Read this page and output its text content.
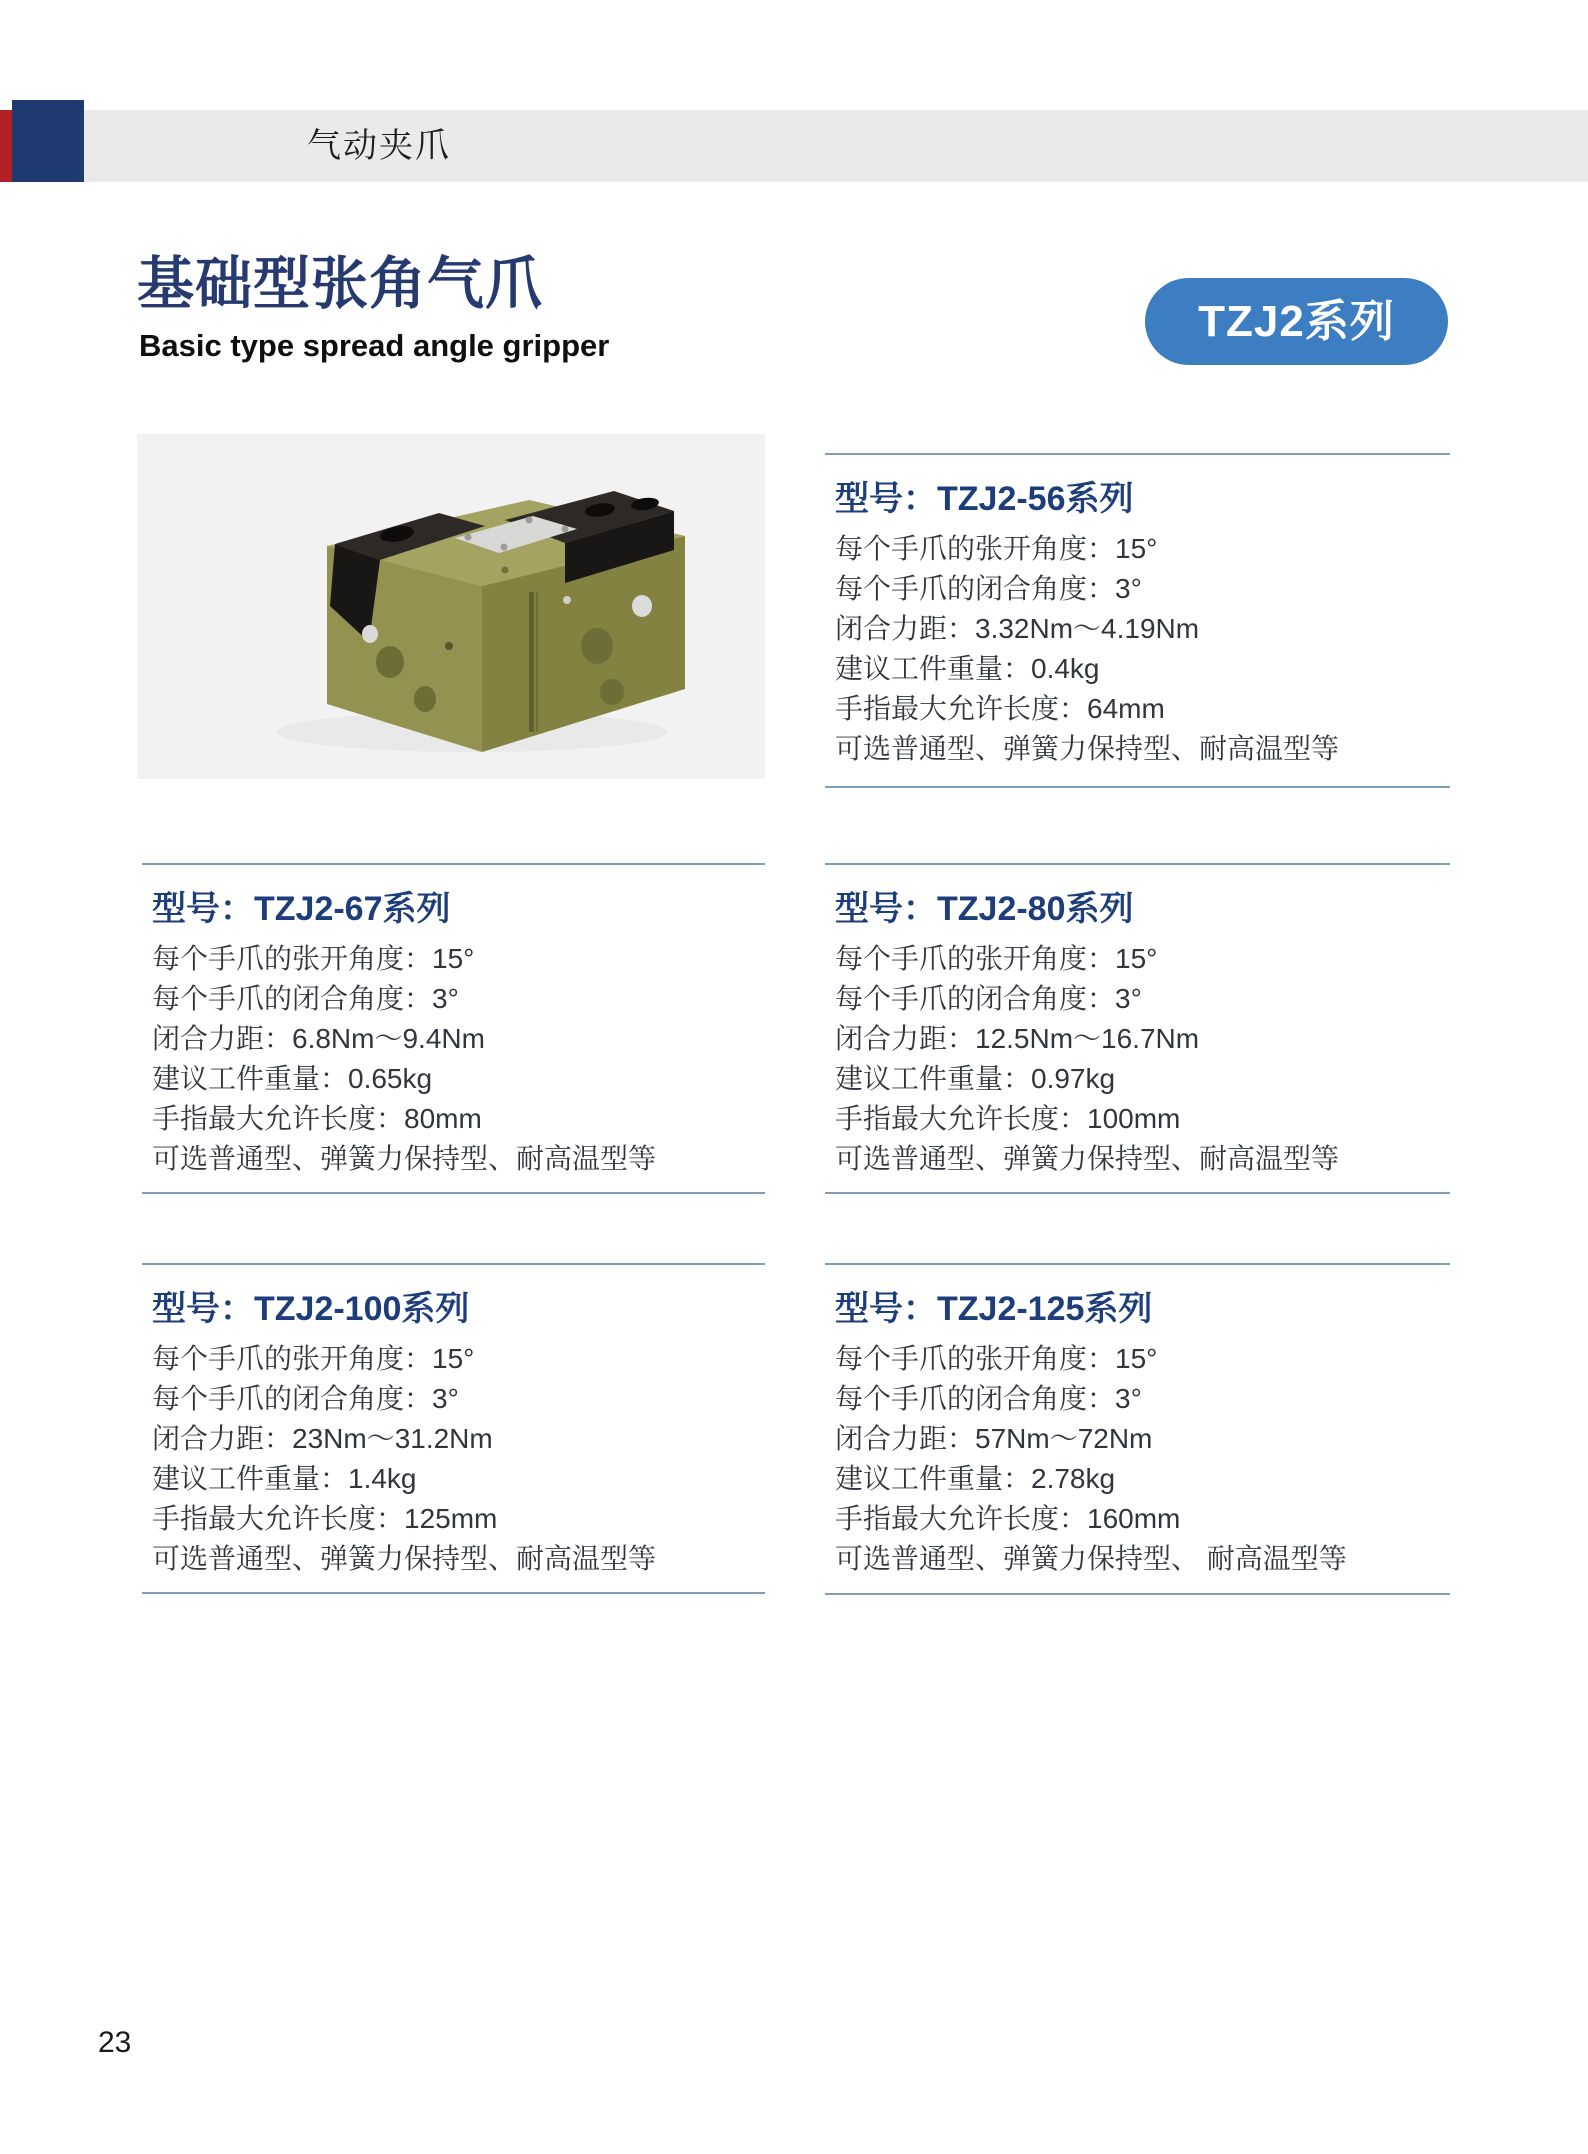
气动夹爪
基础型张角气爪
Basic type spread angle gripper	TZJ2系列
型号：TZJ2-56系列

每个手爪的张开角度：15°

每个手爪的闭合角度：3°

闭合力距：3.32Nm～4.19Nm

建议工件重量：0.4kg

手指最大允许长度：64mm

可选普通型、弹簧力保持型、耐高温型等

型号：TZJ2-67系列

每个手爪的张开角度：15°

每个手爪的闭合角度：3°

闭合力距：6.8Nm～9.4Nm

建议工件重量：0.65kg

手指最大允许长度：80mm

可选普通型、弹簧力保持型、耐高温型等

型号：TZJ2-80系列

每个手爪的张开角度：15°

每个手爪的闭合角度：3°

闭合力距：12.5Nm～16.7Nm

建议工件重量：0.97kg

手指最大允许长度：100mm

可选普通型、弹簧力保持型、耐高温型等

型号：TZJ2-100系列

每个手爪的张开角度：15°

每个手爪的闭合角度：3°

闭合力距：23Nm～31.2Nm

建议工件重量：1.4kg

手指最大允许长度：125mm

可选普通型、弹簧力保持型、耐高温型等

型号：TZJ2-125系列

每个手爪的张开角度：15°

每个手爪的闭合角度：3°

闭合力距：57Nm～72Nm

建议工件重量：2.78kg

手指最大允许长度：160mm

可选普通型、弹簧力保持型、 耐高温型等

23
